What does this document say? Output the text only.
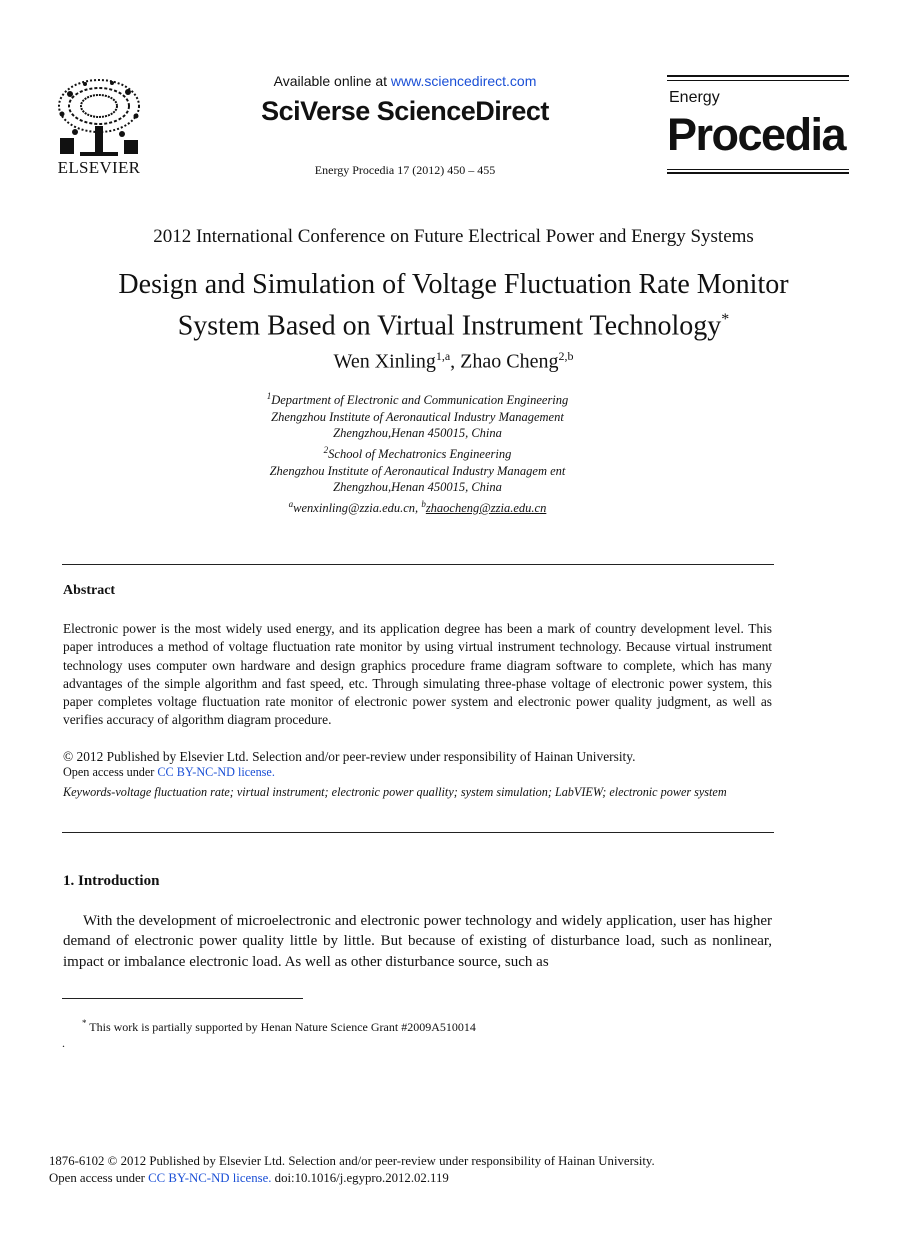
ELSEVIER
Available online at www.sciencedirect.com
SciVerse ScienceDirect
Energy Procedia 17 (2012) 450 – 455
Energy
Procedia
2012 International Conference on Future Electrical Power and Energy Systems
Design and Simulation of Voltage Fluctuation Rate Monitor
System Based on Virtual Instrument Technology*
Wen Xinling$^{1,a}$, Zhao Cheng$^{2,b}$
$^1$Department of Electronic and Communication Engineering
Zhengzhou Institute of Aeronautical Industry Management
Zhengzhou,Henan 450015, China
$^2$School of Mechatronics Engineering
Zhengzhou Institute of Aeronautical Industry Managem ent
Zhengzhou,Henan 450015, China
$^a$wenxinling@zzia.edu.cn, $^b$zhaocheng@zzia.edu.cn
Abstract
Electronic power is the most widely used energy, and its application degree has been a mark of country development level. This paper introduces a method of voltage fluctuation rate monitor by using virtual instrument technology. Because virtual instrument technology uses computer own hardware and design graphics procedure frame diagram software to complete, which has many advantages of the simple algorithm and fast speed, etc. Through simulating three-phase voltage of electronic power system, this paper completes voltage fluctuation rate monitor of electronic power system and electronic power quality judgment, as well as verifies accuracy of algorithm diagram procedure.
© 2012 Published by Elsevier Ltd. Selection and/or peer-review under responsibility of Hainan University.
Open access under CC BY-NC-ND license.
Keywords-voltage fluctuation rate; virtual instrument; electronic power quallity; system simulation; LabVIEW; electronic power system
1. Introduction
With the development of microelectronic and electronic power technology and widely application, user has higher demand of electronic power quality little by little. But because of existing of disturbance load, such as nonlinear, impact or imbalance electronic load. As well as other disturbance source, such as
* This work is partially supported by Henan Nature Science Grant #2009A510014
.
1876-6102 © 2012 Published by Elsevier Ltd. Selection and/or peer-review under responsibility of Hainan University.
Open access under CC BY-NC-ND license. doi:10.1016/j.egypro.2012.02.119
